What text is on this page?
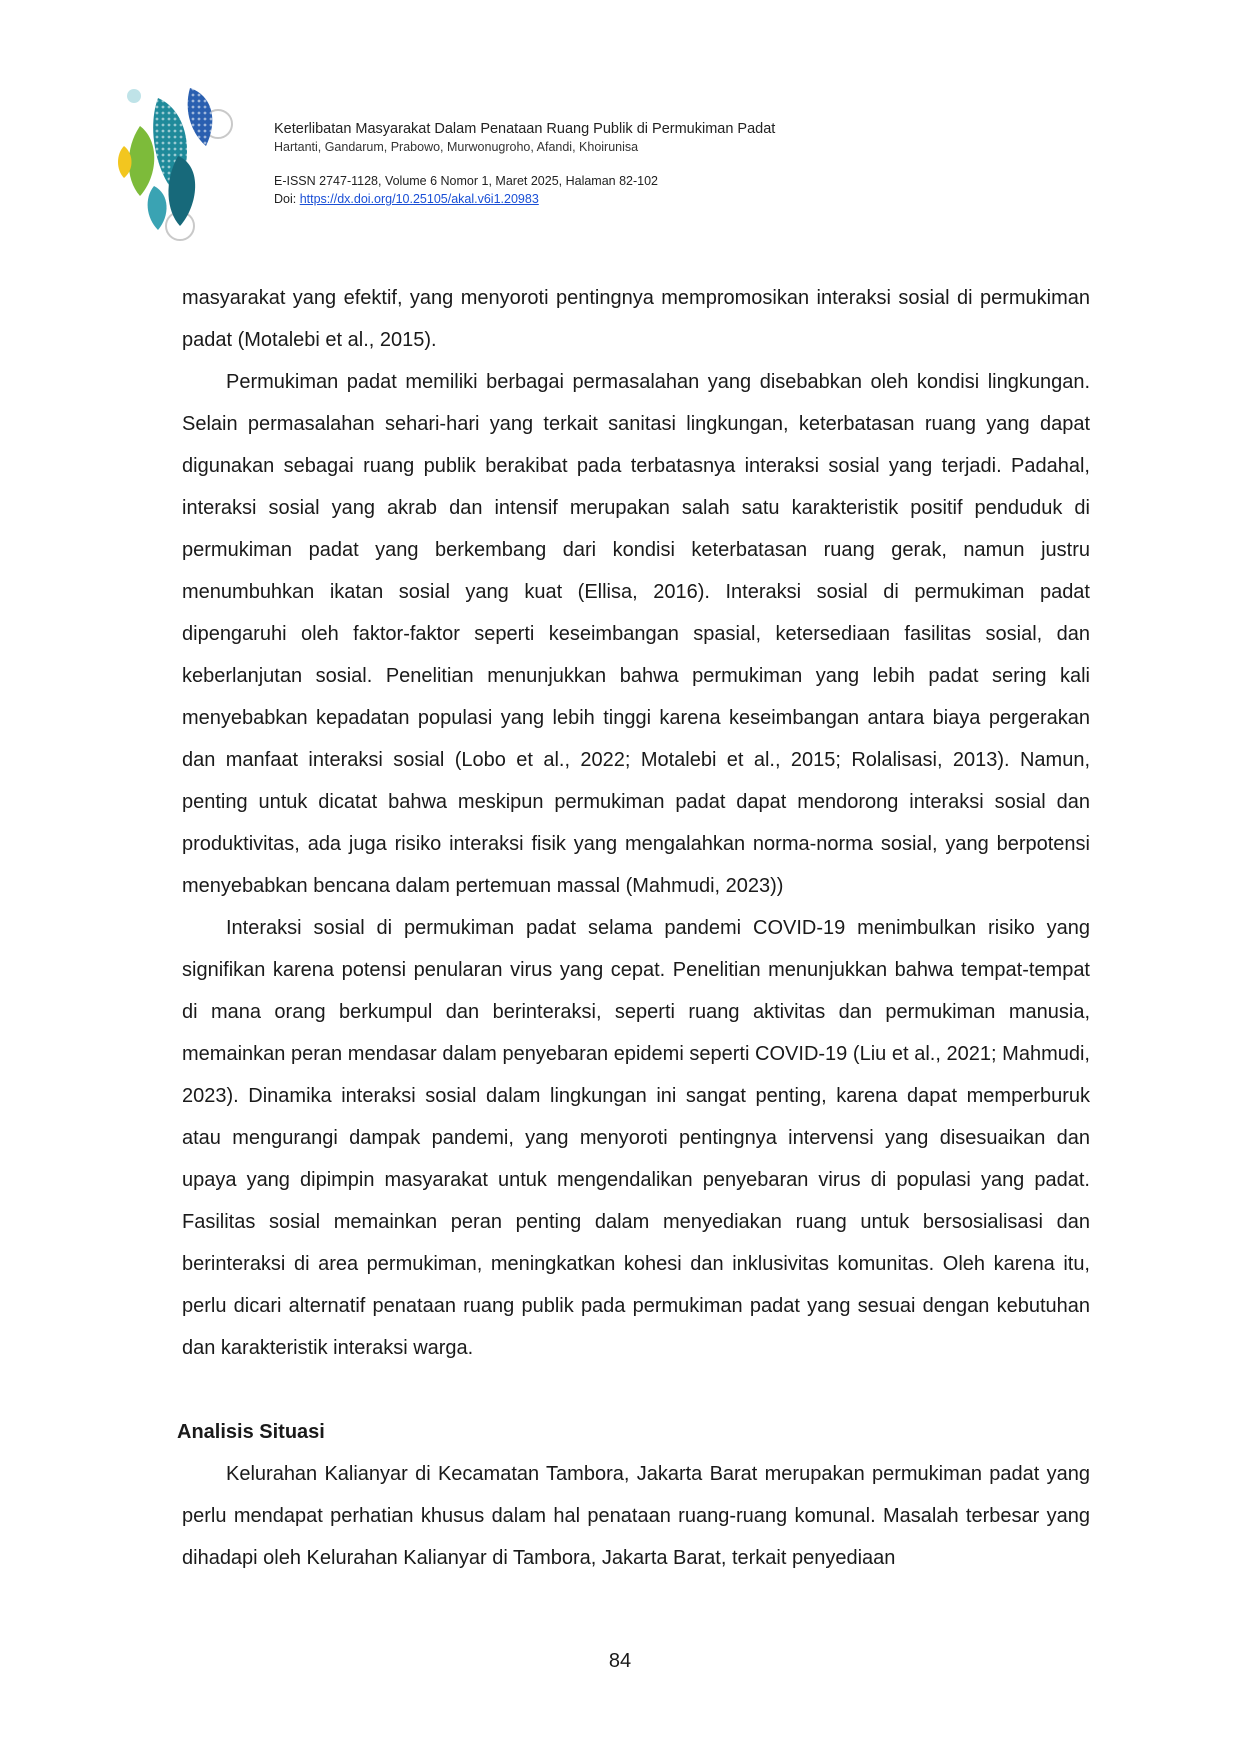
Keterlibatan Masyarakat Dalam Penataan Ruang Publik di Permukiman Padat
Hartanti, Gandarum, Prabowo, Murwonugroho, Afandi, Khoirunisa
E-ISSN 2747-1128, Volume 6 Nomor 1, Maret 2025, Halaman 82-102
Doi: https://dx.doi.org/10.25105/akal.v6i1.20983

masyarakat yang efektif, yang menyoroti pentingnya mempromosikan interaksi sosial di permukiman padat (Motalebi et al., 2015).

Permukiman padat memiliki berbagai permasalahan yang disebabkan oleh kondisi lingkungan. Selain permasalahan sehari-hari yang terkait sanitasi lingkungan, keterbatasan ruang yang dapat digunakan sebagai ruang publik berakibat pada terbatasnya interaksi sosial yang terjadi. Padahal, interaksi sosial yang akrab dan intensif merupakan salah satu karakteristik positif penduduk di permukiman padat yang berkembang dari kondisi keterbatasan ruang gerak, namun justru menumbuhkan ikatan sosial yang kuat (Ellisa, 2016). Interaksi sosial di permukiman padat dipengaruhi oleh faktor-faktor seperti keseimbangan spasial, ketersediaan fasilitas sosial, dan keberlanjutan sosial. Penelitian menunjukkan bahwa permukiman yang lebih padat sering kali menyebabkan kepadatan populasi yang lebih tinggi karena keseimbangan antara biaya pergerakan dan manfaat interaksi sosial (Lobo et al., 2022; Motalebi et al., 2015; Rolalisasi, 2013). Namun, penting untuk dicatat bahwa meskipun permukiman padat dapat mendorong interaksi sosial dan produktivitas, ada juga risiko interaksi fisik yang mengalahkan norma-norma sosial, yang berpotensi menyebabkan bencana dalam pertemuan massal (Mahmudi, 2023))

Interaksi sosial di permukiman padat selama pandemi COVID-19 menimbulkan risiko yang signifikan karena potensi penularan virus yang cepat. Penelitian menunjukkan bahwa tempat-tempat di mana orang berkumpul dan berinteraksi, seperti ruang aktivitas dan permukiman manusia, memainkan peran mendasar dalam penyebaran epidemi seperti COVID-19 (Liu et al., 2021; Mahmudi, 2023). Dinamika interaksi sosial dalam lingkungan ini sangat penting, karena dapat memperburuk atau mengurangi dampak pandemi, yang menyoroti pentingnya intervensi yang disesuaikan dan upaya yang dipimpin masyarakat untuk mengendalikan penyebaran virus di populasi yang padat. Fasilitas sosial memainkan peran penting dalam menyediakan ruang untuk bersosialisasi dan berinteraksi di area permukiman, meningkatkan kohesi dan inklusivitas komunitas. Oleh karena itu, perlu dicari alternatif penataan ruang publik pada permukiman padat yang sesuai dengan kebutuhan dan karakteristik interaksi warga.

Analisis Situasi

Kelurahan Kalianyar di Kecamatan Tambora, Jakarta Barat merupakan permukiman padat yang perlu mendapat perhatian khusus dalam hal penataan ruang-ruang komunal. Masalah terbesar yang dihadapi oleh Kelurahan Kalianyar di Tambora, Jakarta Barat, terkait penyediaan

84
